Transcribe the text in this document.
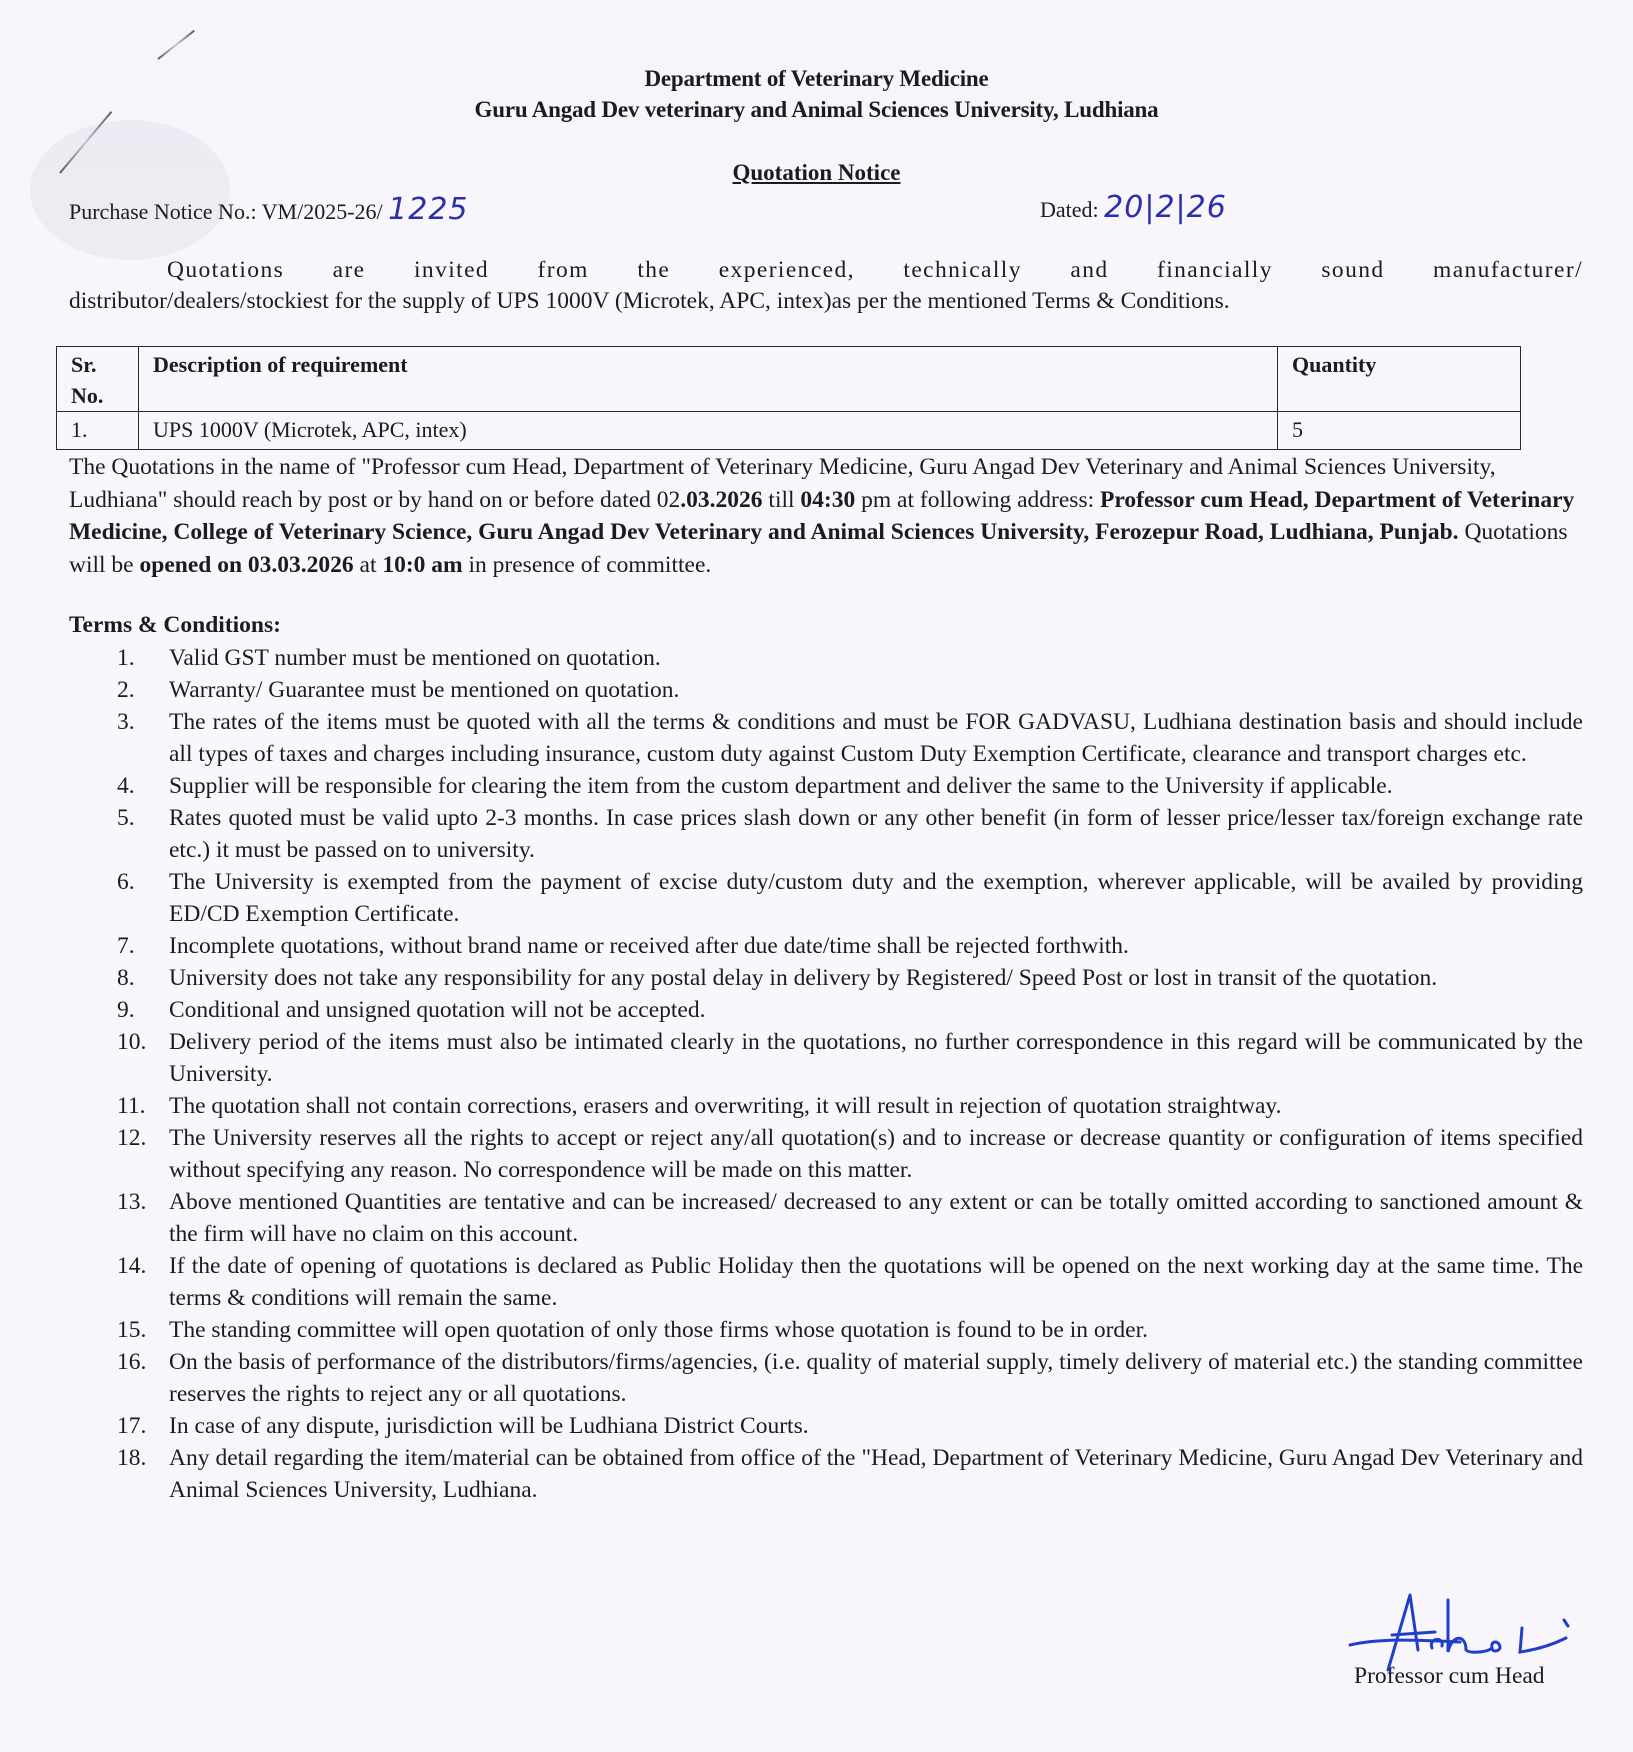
Department of Veterinary Medicine
Guru Angad Dev veterinary and Animal Sciences University, Ludhiana
Quotation Notice
Purchase Notice No.: VM/2025-26/ 1225	Dated: 20|2|26
Quotations are invited from the experienced, technically and financially sound manufacturer/
distributor/dealers/stockiest for the supply of UPS 1000V (Microtek, APC, intex)as per the mentioned Terms & Conditions.
Sr. No.	Description of requirement	Quantity
1.	UPS 1000V (Microtek, APC, intex)	5
The Quotations in the name of "Professor cum Head, Department of Veterinary Medicine, Guru Angad Dev Veterinary and Animal Sciences University, Ludhiana" should reach by post or by hand on or before dated 02.03.2026 till 04:30 pm at following address: Professor cum Head, Department of Veterinary Medicine, College of Veterinary Science, Guru Angad Dev Veterinary and Animal Sciences University, Ferozepur Road, Ludhiana, Punjab. Quotations will be opened on 03.03.2026 at 10:0 am in presence of committee.
Terms & Conditions:
1.	Valid GST number must be mentioned on quotation.
2.	Warranty/ Guarantee must be mentioned on quotation.
3.	The rates of the items must be quoted with all the terms & conditions and must be FOR GADVASU, Ludhiana destination basis and should include all types of taxes and charges including insurance, custom duty against Custom Duty Exemption Certificate, clearance and transport charges etc.
4.	Supplier will be responsible for clearing the item from the custom department and deliver the same to the University if applicable.
5.	Rates quoted must be valid upto 2-3 months. In case prices slash down or any other benefit (in form of lesser price/lesser tax/foreign exchange rate etc.) it must be passed on to university.
6.	The University is exempted from the payment of excise duty/custom duty and the exemption, wherever applicable, will be availed by providing ED/CD Exemption Certificate.
7.	Incomplete quotations, without brand name or received after due date/time shall be rejected forthwith.
8.	University does not take any responsibility for any postal delay in delivery by Registered/ Speed Post or lost in transit of the quotation.
9.	Conditional and unsigned quotation will not be accepted.
10. Delivery period of the items must also be intimated clearly in the quotations, no further correspondence in this regard will be communicated by the University.
11. The quotation shall not contain corrections, erasers and overwriting, it will result in rejection of quotation straightway.
12. The University reserves all the rights to accept or reject any/all quotation(s) and to increase or decrease quantity or configuration of items specified without specifying any reason. No correspondence will be made on this matter.
13. Above mentioned Quantities are tentative and can be increased/ decreased to any extent or can be totally omitted according to sanctioned amount & the firm will have no claim on this account.
14. If the date of opening of quotations is declared as Public Holiday then the quotations will be opened on the next working day at the same time. The terms & conditions will remain the same.
15. The standing committee will open quotation of only those firms whose quotation is found to be in order.
16. On the basis of performance of the distributors/firms/agencies, (i.e. quality of material supply, timely delivery of material etc.) the standing committee reserves the rights to reject any or all quotations.
17. In case of any dispute, jurisdiction will be Ludhiana District Courts.
18. Any detail regarding the item/material can be obtained from office of the "Head, Department of Veterinary Medicine, Guru Angad Dev Veterinary and Animal Sciences University, Ludhiana.
Professor cum Head
